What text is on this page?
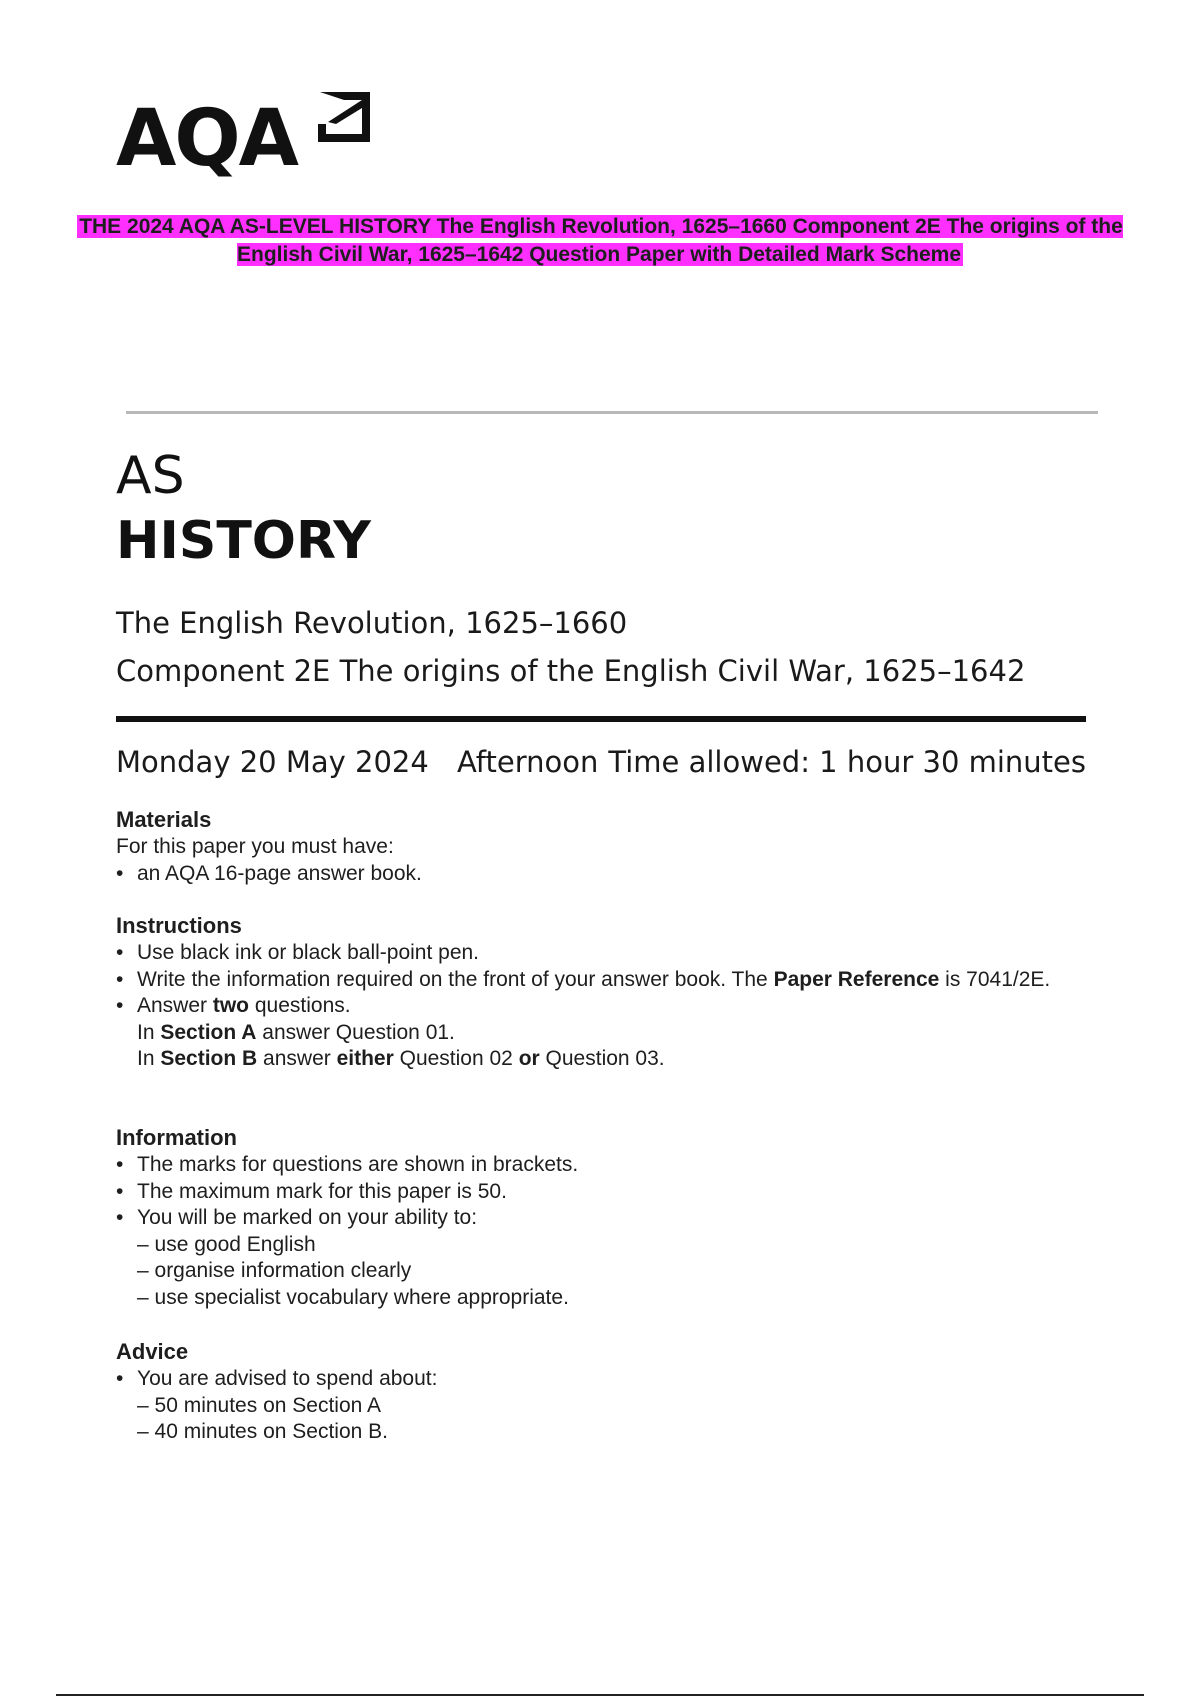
AQA
THE 2024 AQA AS-LEVEL HISTORY The English Revolution, 1625–1660 Component 2E The origins of the English Civil War, 1625–1642 Question Paper with Detailed Mark Scheme
AS
HISTORY
The English Revolution, 1625–1660
Component 2E The origins of the English Civil War, 1625–1642
Monday 20 May 2024 Afternoon Time allowed: 1 hour 30 minutes
Materials

For this paper you must have:

• an AQA 16-page answer book.
Instructions
• Use black ink or black ball-point pen.
• Write the information required on the front of your answer book. The Paper Reference is 7041/2E.
• Answer two questions.
In Section A answer Question 01.
In Section B answer either Question 02 or Question 03.
Information
• The marks for questions are shown in brackets.
• The maximum mark for this paper is 50.
• You will be marked on your ability to:
– use good English
– organise information clearly
– use specialist vocabulary where appropriate.
Advice
• You are advised to spend about:
– 50 minutes on Section A
– 40 minutes on Section B.
